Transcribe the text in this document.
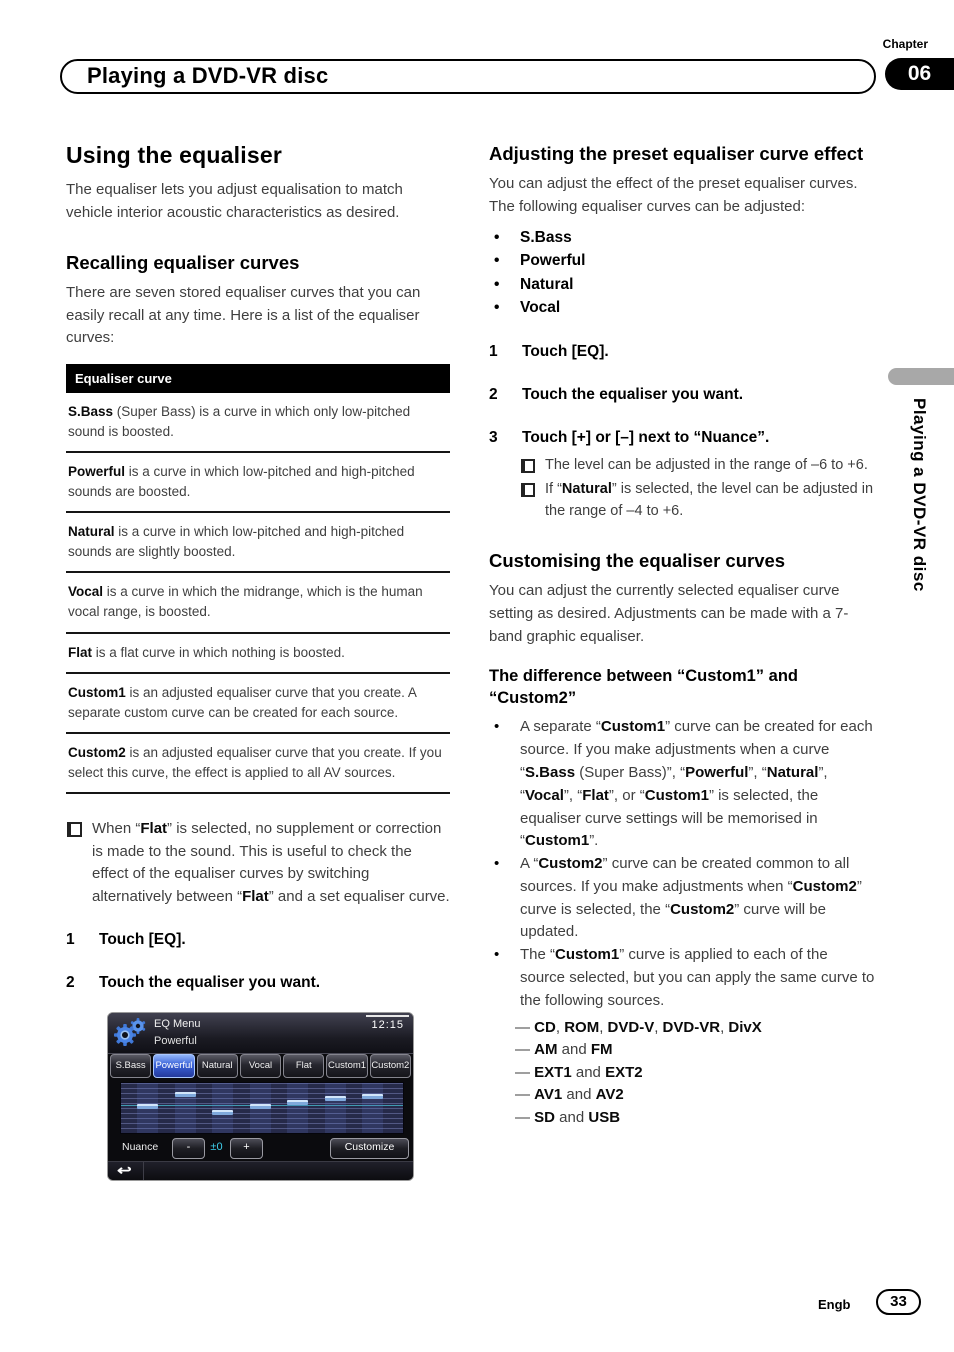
Chapter
06
Playing a DVD-VR disc
Playing a DVD-VR disc
Using the equaliser

The equaliser lets you adjust equalisation to match vehicle interior acoustic characteristics as desired.

Recalling equaliser curves

There are seven stored equaliser curves that you can easily recall at any time. Here is a list of the equaliser curves:

Equaliser curve
S.Bass (Super Bass) is a curve in which only low-pitched sound is boosted.
Powerful is a curve in which low-pitched and high-pitched sounds are boosted.
Natural is a curve in which low-pitched and high-pitched sounds are slightly boosted.
Vocal is a curve in which the midrange, which is the human vocal range, is boosted.
Flat is a flat curve in which nothing is boosted.
Custom1 is an adjusted equaliser curve that you create. A separate custom curve can be created for each source.
Custom2 is an adjusted equaliser curve that you create. If you select this curve, the effect is applied to all AV sources.
When “Flat” is selected, no supplement or correction is made to the sound. This is useful to check the effect of the equaliser curves by switching alternatively between “Flat” and a set equaliser curve.
1	Touch [EQ].
2	Touch the equaliser you want.
EQ Menu
Powerful
12:15
S.Bass	Powerful Natural	Vocal	Flat	Custom1 Custom2
Nuance	-	±0	+	Customize
↩
Adjusting the preset equaliser curve effect

You can adjust the effect of the preset equaliser curves.

The following equaliser curves can be adjusted:

•
S.Bass
•
Powerful
•
Natural
•
Vocal
1	Touch [EQ].
2	Touch the equaliser you want.
3	Touch [+] or [–] next to “Nuance”.
The level can be adjusted in the range of –6 to +6.
If “Natural” is selected, the level can be adjusted in the range of –4 to +6.
Customising the equaliser curves

You can adjust the currently selected equaliser curve setting as desired. Adjustments can be made with a 7-band graphic equaliser.

The difference between “Custom1” and “Custom2”
•
A separate “Custom1” curve can be created for each source. If you make adjustments when a curve “S.Bass (Super Bass)”, “Powerful”, “Natural”, “Vocal”, “Flat”, or “Custom1” is selected, the equaliser curve settings will be memorised in “Custom1”.
•
A “Custom2” curve can be created common to all sources. If you make adjustments when “Custom2” curve is selected, the “Custom2” curve will be updated.
•
The “Custom1” curve is applied to each of the source selected, but you can apply the same curve to the following sources.
— CD, ROM, DVD-V, DVD-VR, DivX
— AM and FM
— EXT1 and EXT2
— AV1 and AV2
— SD and USB
Engb	33
